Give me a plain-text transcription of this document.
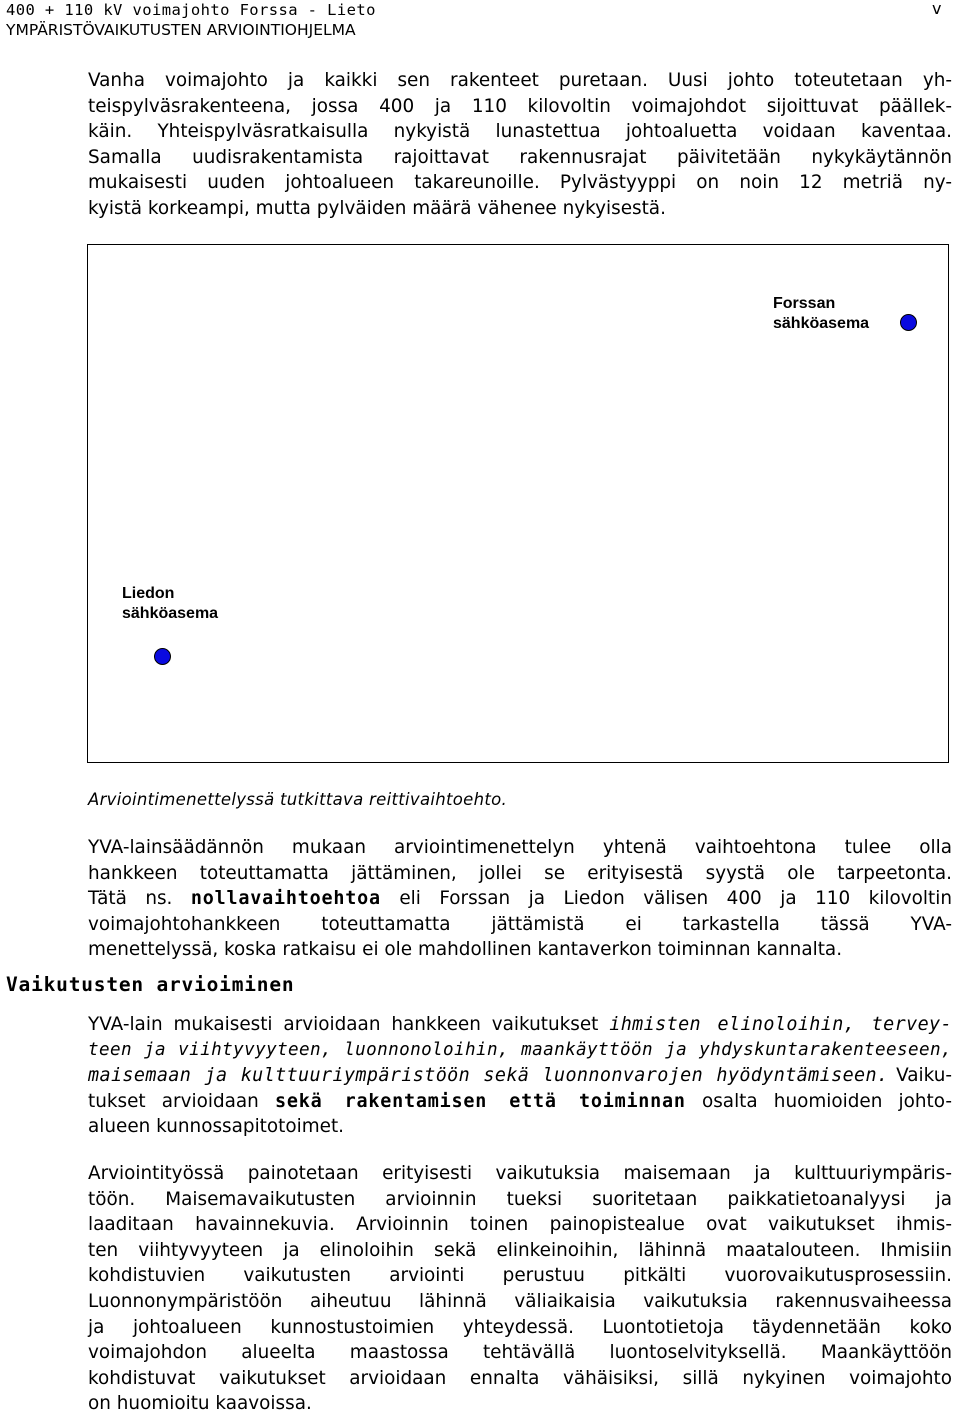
400 + 110 kV voimajohto Forssa - Lieto
YMPÄRISTÖVAIKUTUSTEN ARVIOINTIOHJELMA
v
Vanha voimajohto ja kaikki sen rakenteet puretaan. Uusi johto toteutetaan yh-
teispylväsrakenteena, jossa 400 ja 110 kilovoltin voimajohdot sijoittuvat päällek-
käin. Yhteispylväsratkaisulla nykyistä lunastettua johtoaluetta voidaan kaventaa.
Samalla uudisrakentamista rajoittavat rakennusrajat päivitetään nykykäytännön
mukaisesti uuden johtoalueen takareunoille. Pylvästyyppi on noin 12 metriä ny-
kyistä korkeampi, mutta pylväiden määrä vähenee nykyisestä.
Forssan
sähköasema
Liedon
sähköasema
Arviointimenettelyssä tutkittava reittivaihtoehto.
YVA-lainsäädännön mukaan arviointimenettelyn yhtenä vaihtoehtona tulee olla
hankkeen toteuttamatta jättäminen, jollei se erityisestä syystä ole tarpeetonta.
Tätä ns. nollavaihtoehtoa eli Forssan ja Liedon välisen 400 ja 110 kilovoltin
voimajohtohankkeen toteuttamatta jättämistä ei tarkastella tässä YVA-
menettelyssä, koska ratkaisu ei ole mahdollinen kantaverkon toiminnan kannalta.
Vaikutusten arvioiminen
YVA-lain mukaisesti arvioidaan hankkeen vaikutukset ihmisten elinoloihin, tervey-
teen ja viihtyvyyteen, luonnonoloihin, maankäyttöön ja yhdyskuntarakenteeseen,
maisemaan ja kulttuuriympäristöön sekä luonnonvarojen hyödyntämiseen. Vaiku-
tukset arvioidaan sekä rakentamisen että toiminnan osalta huomioiden johto-
alueen kunnossapitotoimet.
Arviointityössä painotetaan erityisesti vaikutuksia maisemaan ja kulttuuriympäris-
töön. Maisemavaikutusten arvioinnin tueksi suoritetaan paikkatietoanalyysi ja
laaditaan havainnekuvia. Arvioinnin toinen painopistealue ovat vaikutukset ihmis-
ten viihtyvyyteen ja elinoloihin sekä elinkeinoihin, lähinnä maatalouteen. Ihmisiin
kohdistuvien vaikutusten arviointi perustuu pitkälti vuorovaikutusprosessiin.
Luonnonympäristöön aiheutuu lähinnä väliaikaisia vaikutuksia rakennusvaiheessa
ja johtoalueen kunnostustoimien yhteydessä. Luontotietoja täydennetään koko
voimajohdon alueelta maastossa tehtävällä luontoselvityksellä. Maankäyttöön
kohdistuvat vaikutukset arvioidaan ennalta vähäisiksi, sillä nykyinen voimajohto
on huomioitu kaavoissa.
